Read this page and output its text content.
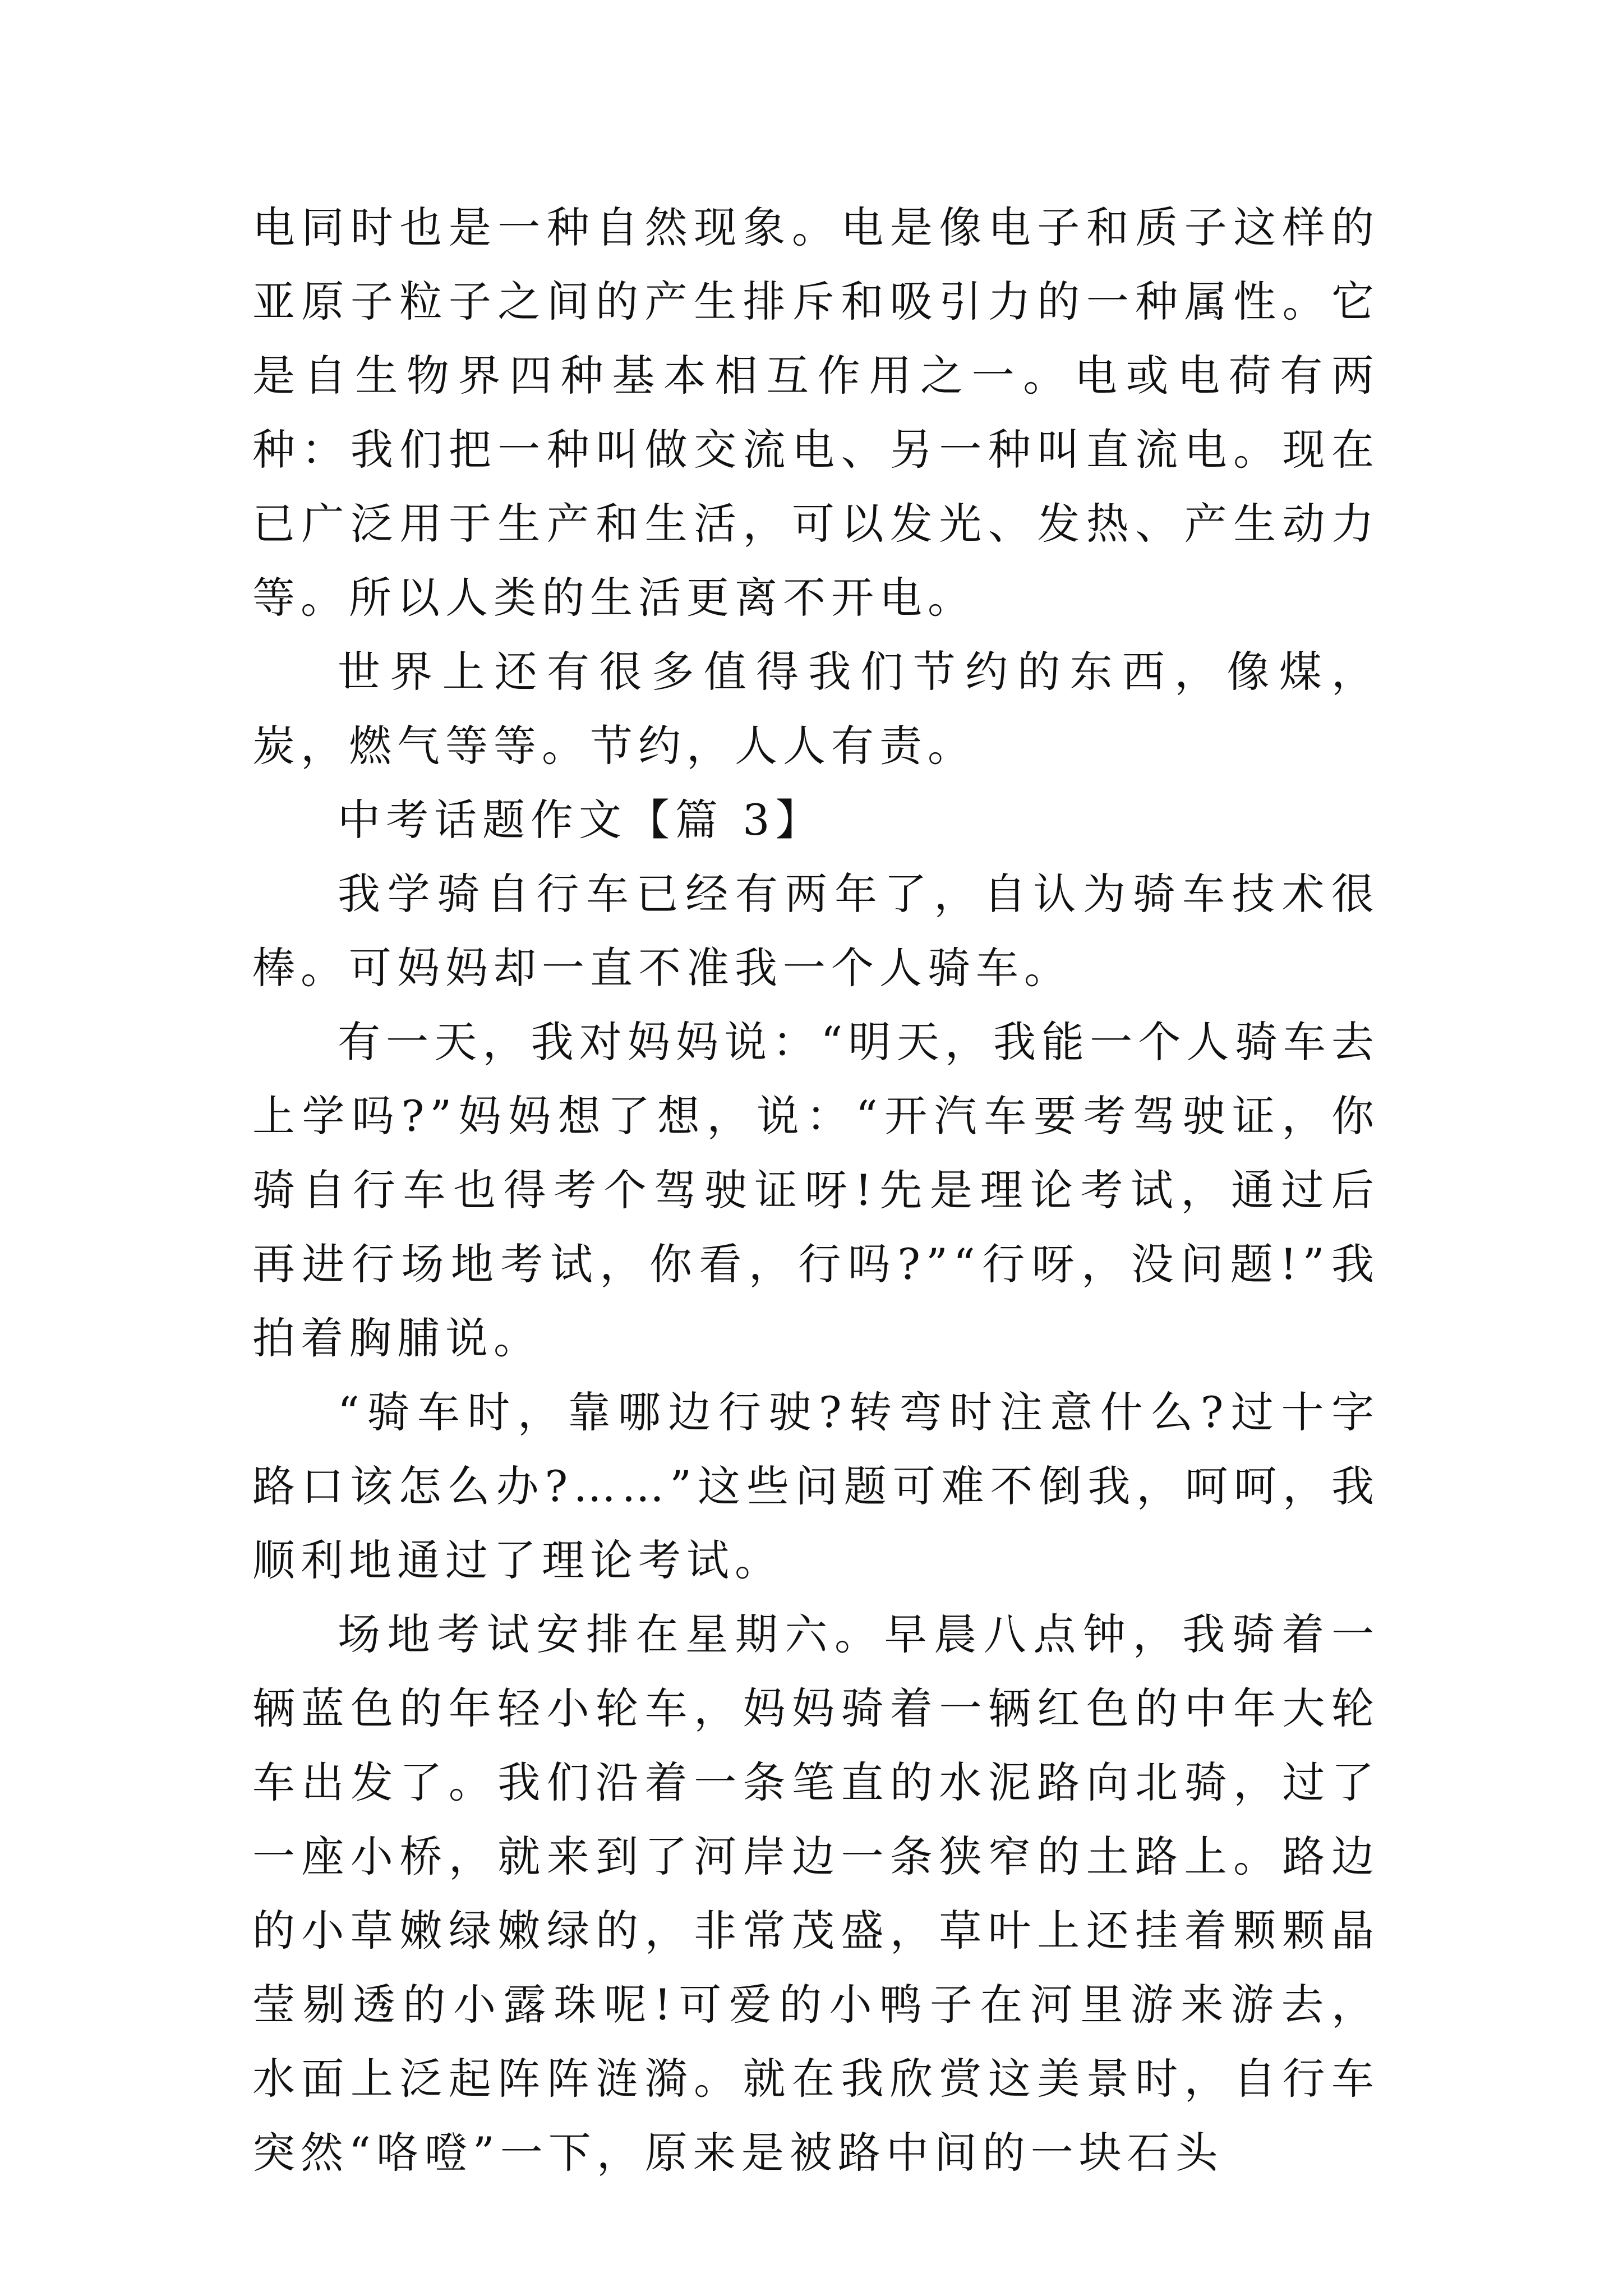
电同时也是一种自然现象。电是像电子和质子这样的亚原子粒子之间的产生排斥和吸引力的一种属性。它是自生物界四种基本相互作用之一。电或电荷有两种：我们把一种叫做交流电、另一种叫直流电。现在已广泛用于生产和生活，可以发光、发热、产生动力等。所以人类的生活更离不开电。

世界上还有很多值得我们节约的东西，像煤，炭，燃气等等。节约，人人有责。

中考话题作文【篇 3】

我学骑自行车已经有两年了，自认为骑车技术很棒。可妈妈却一直不准我一个人骑车。

有一天，我对妈妈说：“明天，我能一个人骑车去上学吗?”妈妈想了想，说：“开汽车要考驾驶证，你骑自行车也得考个驾驶证呀!先是理论考试，通过后再进行场地考试，你看，行吗?”“行呀，没问题!”我拍着胸脯说。

“骑车时，靠哪边行驶?转弯时注意什么?过十字路口该怎么办?……”这些问题可难不倒我，呵呵，我顺利地通过了理论考试。

场地考试安排在星期六。早晨八点钟，我骑着一辆蓝色的年轻小轮车，妈妈骑着一辆红色的中年大轮车出发了。我们沿着一条笔直的水泥路向北骑，过了一座小桥，就来到了河岸边一条狭窄的土路上。路边的小草嫩绿嫩绿的，非常茂盛，草叶上还挂着颗颗晶莹剔透的小露珠呢!可爱的小鸭子在河里游来游去，水面上泛起阵阵涟漪。就在我欣赏这美景时，自行车突然“咯噔”一下，原来是被路中间的一块石头
